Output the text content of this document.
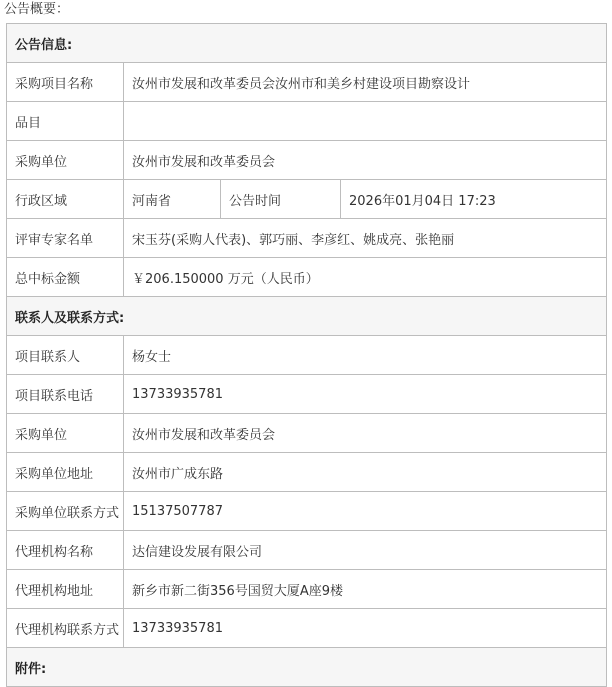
公告概要：
公告信息:			
采购项目名称	汝州市发展和改革委员会汝州市和美乡村建设项目勘察设计		
品目			
采购单位	汝州市发展和改革委员会		
行政区域	河南省	公告时间	2026年01月04日 17:23
评审专家名单	宋玉芬(采购人代表)、郭巧丽、李彦红、姚成亮、张艳丽		
总中标金额	￥206.150000 万元（人民币）		
联系人及联系方式:			
项目联系人	杨女士		
项目联系电话	13733935781		
采购单位	汝州市发展和改革委员会		
采购单位地址	汝州市广成东路		
采购单位联系方式	15137507787		
代理机构名称	达信建设发展有限公司		
代理机构地址	新乡市新二街356号国贸大厦A座9楼		
代理机构联系方式	13733935781		
附件:			
